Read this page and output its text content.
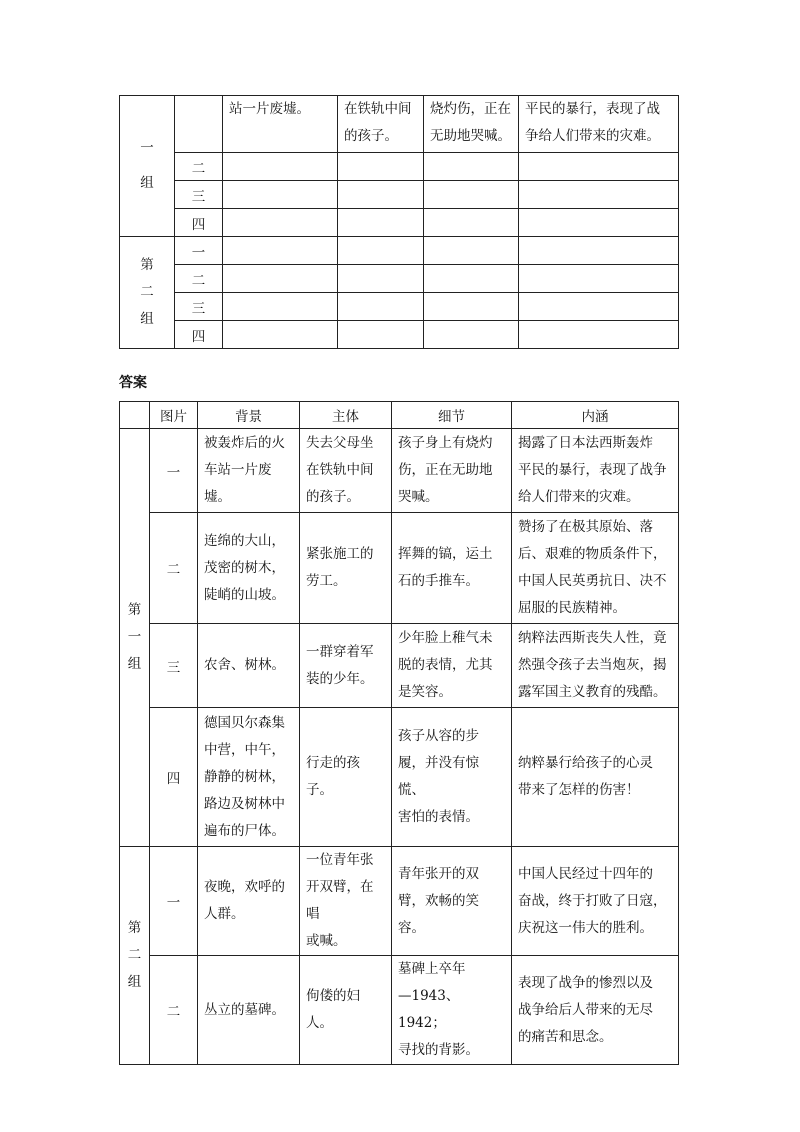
一
组		站一片废墟。	在铁轨中间
的孩子。	烧灼伤，正在
无助地哭喊。	平民的暴行，表现了战
争给人们带来的灾难。
	二				
	三				
	四				

第
二
组	一				
	二				
	三				
	四				
答案
	图片	背景	主体	细节	内涵

第
一
组	一	被轰炸后的火
车站一片废墟。	失去父母坐
在铁轨中间
的孩子。	孩子身上有烧灼
伤，正在无助地
哭喊。	揭露了日本法西斯轰炸
平民的暴行，表现了战争
给人们带来的灾难。
	二	连绵的大山，
茂密的树木，
陡峭的山坡。	紧张施工的
劳工。	挥舞的镐，运土
石的手推车。	赞扬了在极其原始、落
后、艰难的物质条件下，
中国人民英勇抗日、决不
屈服的民族精神。
	三	农舍、树林。	一群穿着军
装的少年。	少年脸上稚气未
脱的表情，尤其
是笑容。	纳粹法西斯丧失人性，竟
然强令孩子去当炮灰，揭
露军国主义教育的残酷。
	四	德国贝尔森集
中营，中午，
静静的树林，
路边及树林中
遍布的尸体。	行走的孩子。	孩子从容的步
履，并没有惊慌、
害怕的表情。	纳粹暴行给孩子的心灵
带来了怎样的伤害！

第
二
组	一	夜晚，欢呼的
人群。	一位青年张
开双臂，在唱
或喊。	青年张开的双
臂，欢畅的笑容。	中国人民经过十四年的
奋战，终于打败了日寇，
庆祝这一伟大的胜利。
	二	丛立的墓碑。	佝偻的妇人。	墓碑上卒年
—1943、1942；
寻找的背影。	表现了战争的惨烈以及
战争给后人带来的无尽
的痛苦和思念。
